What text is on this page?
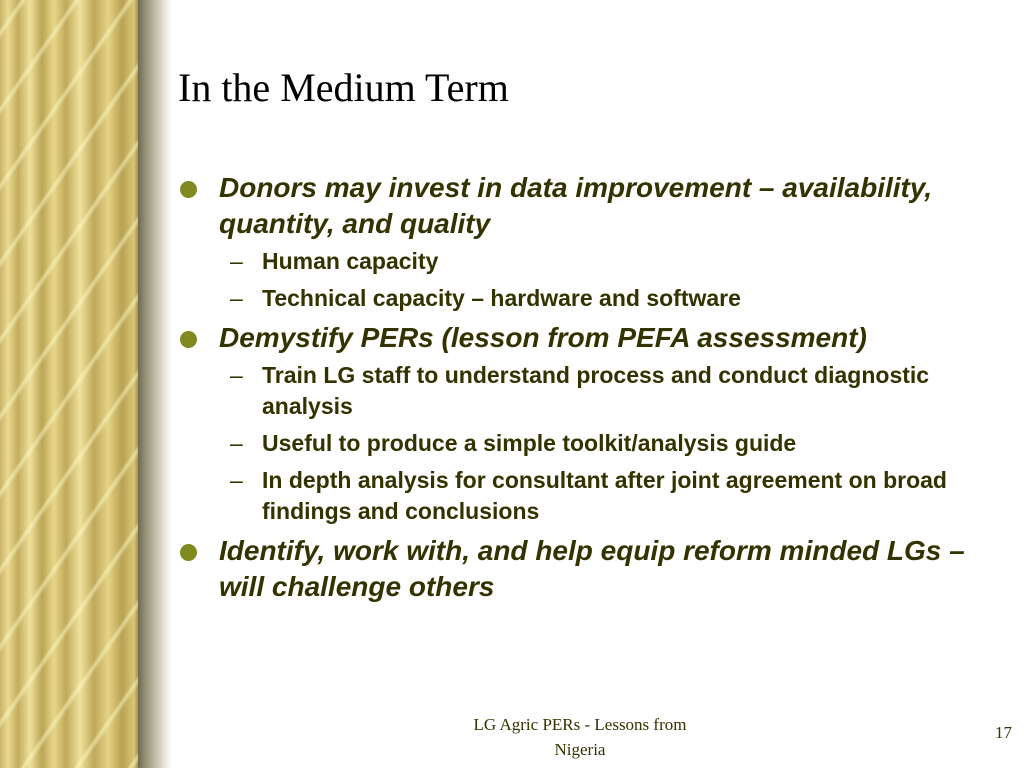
In the Medium Term
Donors may invest in data improvement – availability, quantity, and quality
– Human capacity
– Technical capacity – hardware and software
Demystify PERs (lesson from PEFA assessment)
– Train LG staff to understand process and conduct diagnostic analysis
– Useful to produce a simple toolkit/analysis guide
– In depth analysis for consultant after joint agreement on broad findings and conclusions
Identify, work with, and help equip reform minded LGs – will challenge others
LG Agric PERs - Lessons from
Nigeria
17
